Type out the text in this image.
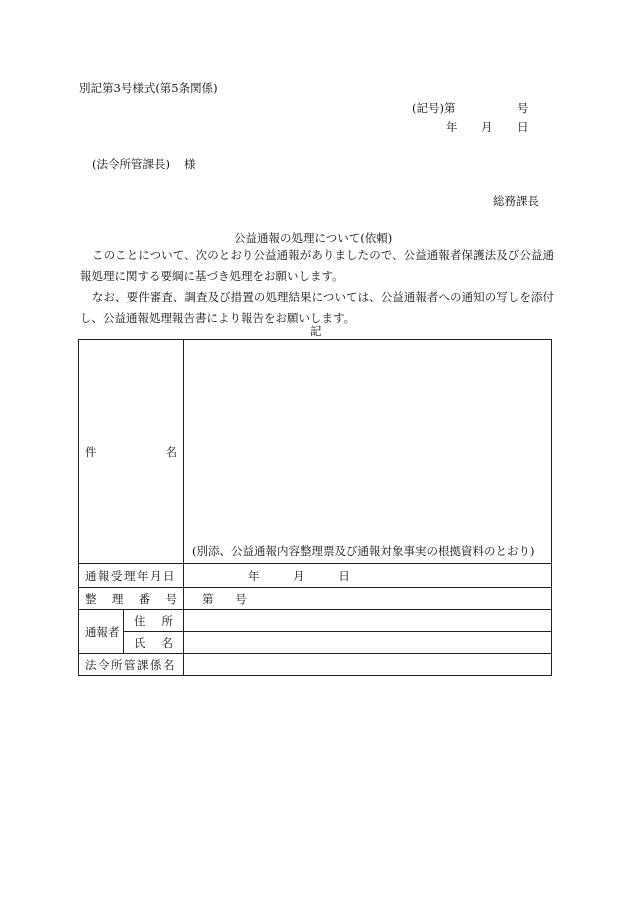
別記第3号様式(第5条関係)
(記号)第	号
年 月 日
(法令所管課長) 様
総務課長
公益通報の処理について(依頼)
このことについて、次のとおり公益通報がありましたので、公益通報者保護法及び公益通報処理に関する要綱に基づき処理をお願いします。
なお、要件審査、調査及び措置の処理結果については、公益通報者への通知の写しを添付し、公益通報処理報告書により報告をお願いします。
記
件 名		(別添、公益通報内容整理票及び通報対象事実の根拠資料のとおり)
通報受理年月日		年 月 日

整 理 番 号		第 号
通報者	住 所	

	氏 名	

法令所管課係名		
